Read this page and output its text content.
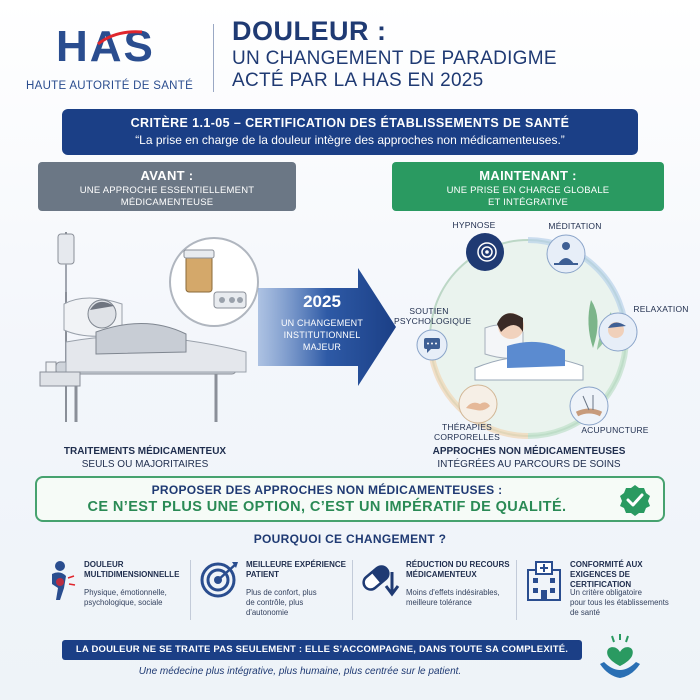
HAS
HAUTE AUTORITÉ DE SANTÉ
DOULEUR :
UN CHANGEMENT DE PARADIGME
ACTÉ PAR LA HAS EN 2025
CRITÈRE 1.1-05 – CERTIFICATION DES ÉTABLISSEMENTS DE SANTÉ
“La prise en charge de la douleur intègre des approches non médicamenteuses.”
AVANT :
UNE APPROCHE ESSENTIELLEMENT
MÉDICAMENTEUSE
MAINTENANT :
UNE PRISE EN CHARGE GLOBALE
ET INTÉGRATIVE
TRAITEMENTS MÉDICAMENTEUX
SEULS OU MAJORITAIRES
2025
UN CHANGEMENT
INSTITUTIONNEL
MAJEUR
HYPNOSE	MÉDITATION
RELAXATION
ACUPUNCTURE
THÉRAPIES
CORPORELLES
SOUTIEN
PSYCHOLOGIQUE
APPROCHES NON MÉDICAMENTEUSES
INTÉGRÉES AU PARCOURS DE SOINS
PROPOSER DES APPROCHES NON MÉDICAMENTEUSES :
CE N’EST PLUS UNE OPTION, C’EST UN IMPÉRATIF DE QUALITÉ.
POURQUOI CE CHANGEMENT ?
DOULEUR
MULTIDIMENSIONNELLE
Physique, émotionnelle,
psychologique, sociale
MEILLEURE EXPÉRIENCE
PATIENT
Plus de confort, plus
de contrôle, plus
d'autonomie
RÉDUCTION DU RECOURS
MÉDICAMENTEUX
Moins d'effets indésirables,
meilleure tolérance
CONFORMITÉ AUX
EXIGENCES DE CERTIFICATION
Un critère obligatoire
pour tous les établissements
de santé
LA DOULEUR NE SE TRAITE PAS SEULEMENT : ELLE S’ACCOMPAGNE, DANS TOUTE SA COMPLEXITÉ.
Une médecine plus intégrative, plus humaine, plus centrée sur le patient.
